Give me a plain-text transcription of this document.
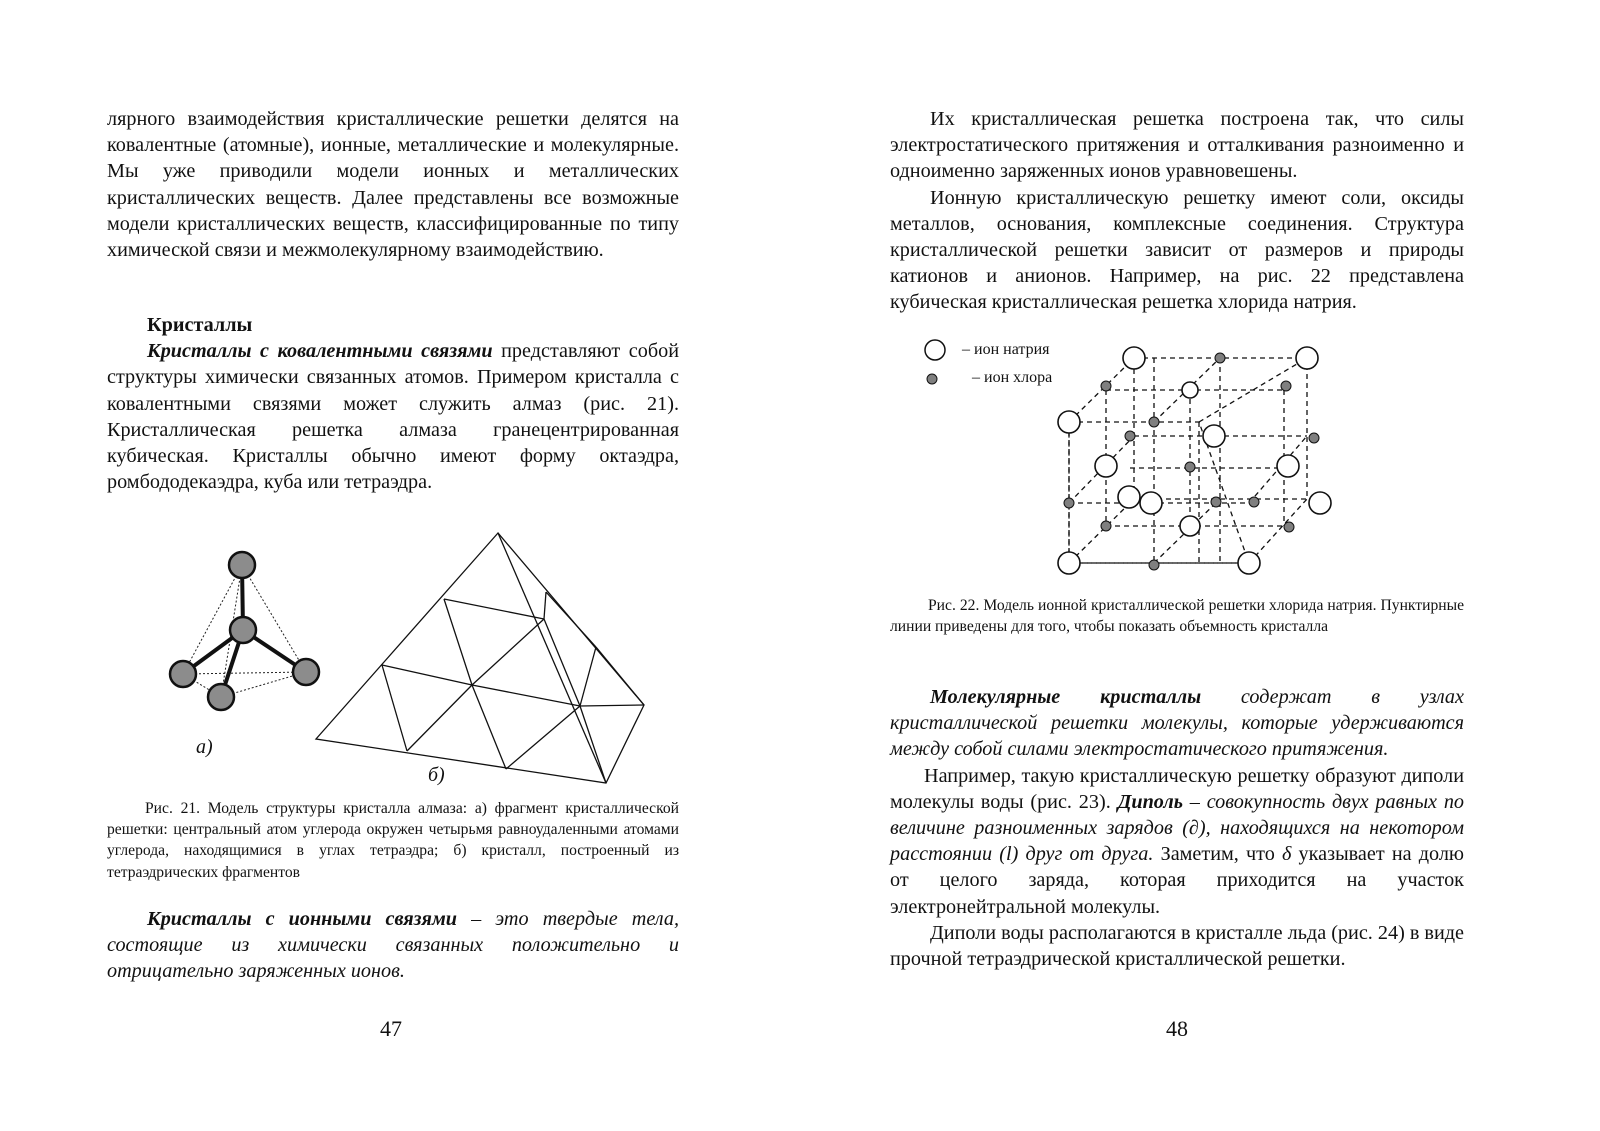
лярного взаимодействия кристаллические решетки делятся на ковалентные (атомные), ионные, металлические и молекулярные. Мы уже приводили модели ионных и металлических кристаллических веществ. Далее представлены все возможные модели кристаллических веществ, классифицированные по типу химической связи и межмолекулярному взаимодействию.

Кристаллы

Кристаллы с ковалентными связями представляют собой структуры химически связанных атомов. Примером кристалла с ковалентными связями может служить алмаз (рис. 21). Кристаллическая решетка алмаза гранецентрированная кубическая. Кристаллы обычно имеют форму октаэдра, ромбододекаэдра, куба или тетраэдра.

а)
б)

Рис. 21. Модель структуры кристалла алмаза: а) фрагмент кристаллической решетки: центральный атом углерода окружен четырьмя равноудаленными атомами углерода, находящимися в углах тетраэдра; б) кристалл, построенный из тетраэдрических фрагментов

Кристаллы с ионными связями – это твердые тела, состоящие из химически связанных положительно и отрицательно заряженных ионов.

47

Их кристаллическая решетка построена так, что силы электростатического притяжения и отталкивания разноименно и одноименно заряженных ионов уравновешены.

Ионную кристаллическую решетку имеют соли, оксиды металлов, основания, комплексные соединения. Структура кристаллической решетки зависит от размеров и природы катионов и анионов. Например, на рис. 22 представлена кубическая кристаллическая решетка хлорида натрия.

– ион натрия
– ион хлора

Рис. 22. Модель ионной кристаллической решетки хлорида натрия. Пунктирные линии приведены для того, чтобы показать объемность кристалла

Молекулярные кристаллы содержат в узлах кристаллической решетки молекулы, которые удерживаются между собой силами электростатического притяжения.

Например, такую кристаллическую решетку образуют диполи молекулы воды (рис. 23). Диполь – совокупность двух равных по величине разноименных зарядов (∂), находящихся на некотором расстоянии (l) друг от друга. Заметим, что δ указывает на долю от целого заряда, которая приходится на участок электронейтральной молекулы.

Диполи воды располагаются в кристалле льда (рис. 24) в виде прочной тетраэдрической кристаллической решетки.

48
